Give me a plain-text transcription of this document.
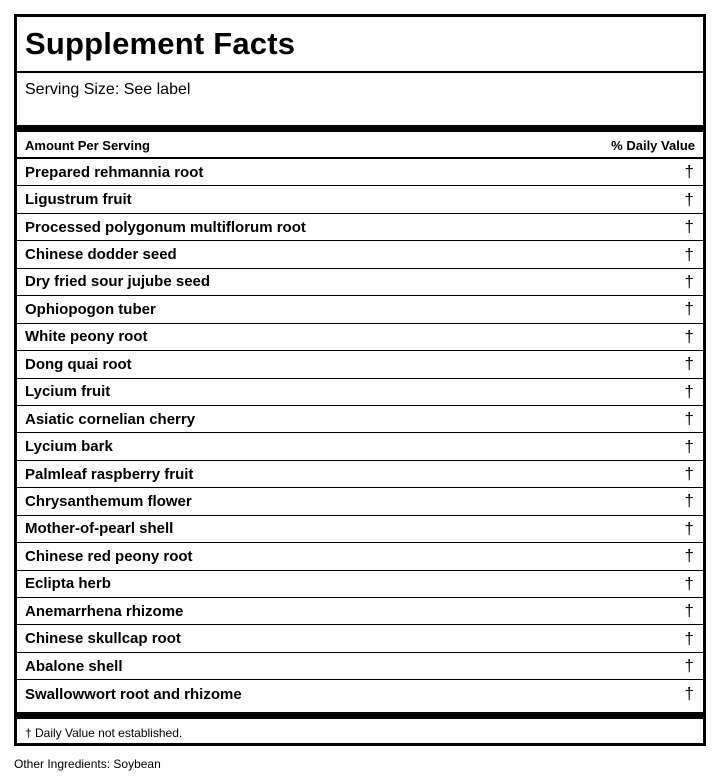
Supplement Facts
Serving Size: See label
Amount Per Serving	% Daily Value
Prepared rehmannia root	†
Ligustrum fruit	†
Processed polygonum multiflorum root	†
Chinese dodder seed	†
Dry fried sour jujube seed	†
Ophiopogon tuber	†
White peony root	†
Dong quai root	†
Lycium fruit	†
Asiatic cornelian cherry	†
Lycium bark	†
Palmleaf raspberry fruit	†
Chrysanthemum flower	†
Mother-of-pearl shell	†
Chinese red peony root	†
Eclipta herb	†
Anemarrhena rhizome	†
Chinese skullcap root	†
Abalone shell	†
Swallowwort root and rhizome	†
† Daily Value not established.
Other Ingredients: Soybean
